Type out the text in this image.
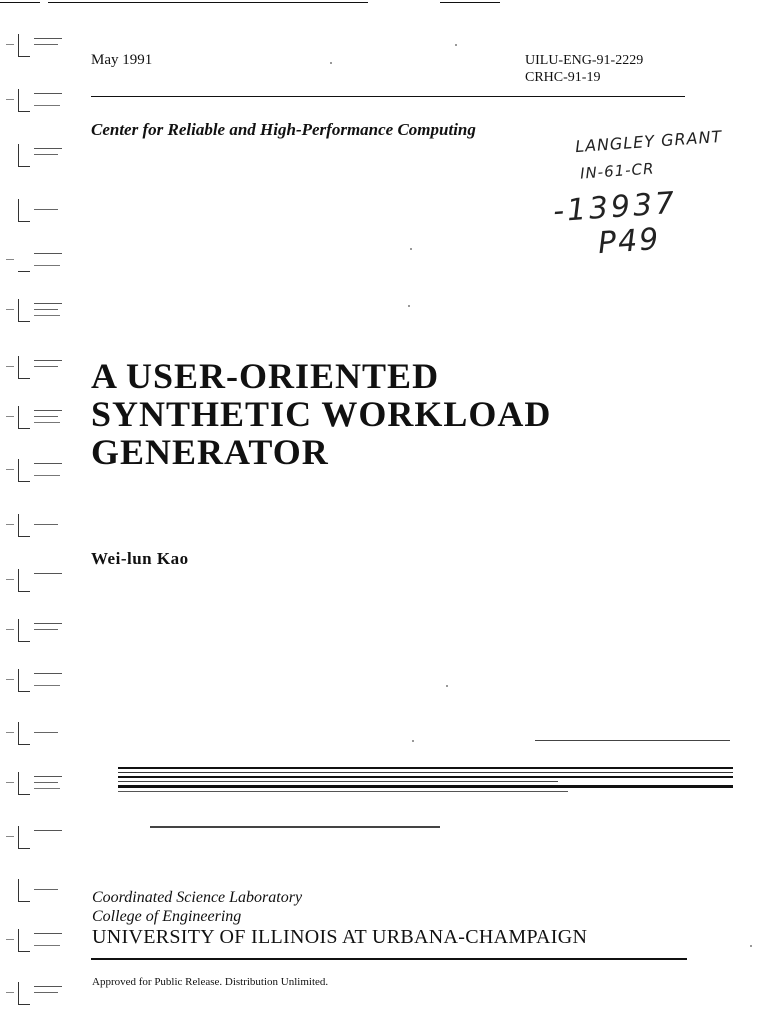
May 1991	UILU-ENG-91-2229
CRHC-91-19
Center for Reliable and High-Performance Computing	LANGLEY GRANT
IN-61-CR
-13937
P49
A USER-ORIENTED
SYNTHETIC WORKLOAD
GENERATOR
Wei-lun Kao
Coordinated Science Laboratory
College of Engineering
UNIVERSITY OF ILLINOIS AT URBANA-CHAMPAIGN
Approved for Public Release. Distribution Unlimited.
